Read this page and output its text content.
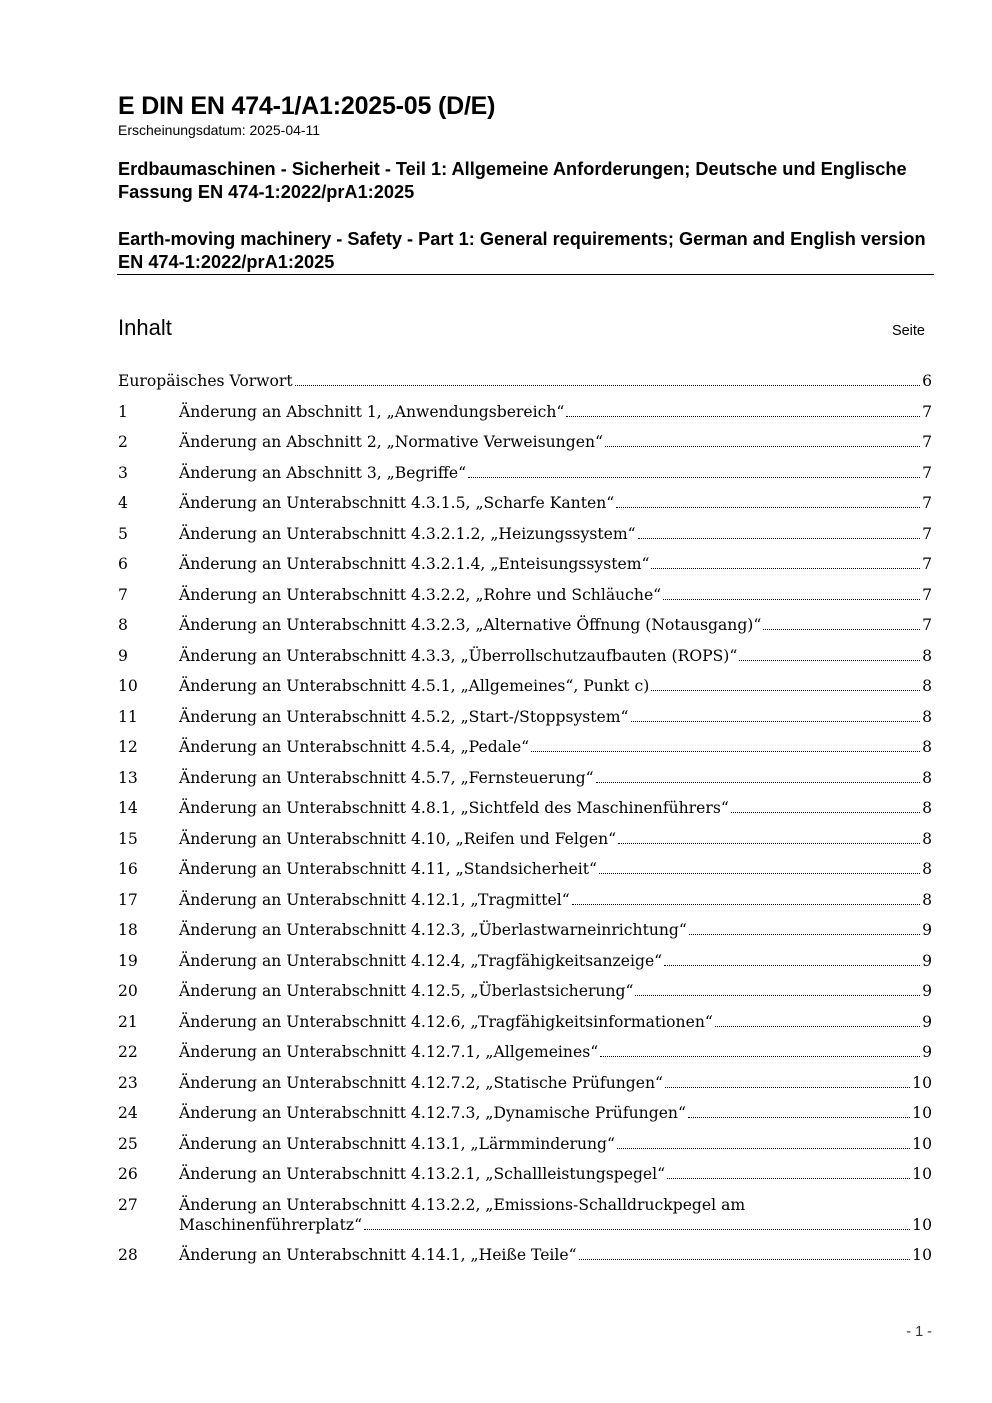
E DIN EN 474-1/A1:2025-05 (D/E)
Erscheinungsdatum: 2025-04-11
Erdbaumaschinen - Sicherheit - Teil 1: Allgemeine Anforderungen; Deutsche und Englische Fassung EN 474-1:2022/prA1:2025
Earth-moving machinery - Safety - Part 1: General requirements; German and English version EN 474-1:2022/prA1:2025
Inhalt	Seite
Europäisches Vorwort	6
1	Änderung an Abschnitt 1, „Anwendungsbereich“	7
2	Änderung an Abschnitt 2, „Normative Verweisungen“	7
3	Änderung an Abschnitt 3, „Begriffe“	7
4	Änderung an Unterabschnitt 4.3.1.5, „Scharfe Kanten“	7
5	Änderung an Unterabschnitt 4.3.2.1.2, „Heizungssystem“	7
6	Änderung an Unterabschnitt 4.3.2.1.4, „Enteisungssystem“	7
7	Änderung an Unterabschnitt 4.3.2.2, „Rohre und Schläuche“	7
8	Änderung an Unterabschnitt 4.3.2.3, „Alternative Öffnung (Notausgang)“	7
9	Änderung an Unterabschnitt 4.3.3, „Überrollschutzaufbauten (ROPS)“	8
10	Änderung an Unterabschnitt 4.5.1, „Allgemeines“, Punkt c)	8
11	Änderung an Unterabschnitt 4.5.2, „Start-/Stoppsystem“	8
12	Änderung an Unterabschnitt 4.5.4, „Pedale“	8
13	Änderung an Unterabschnitt 4.5.7, „Fernsteuerung“	8
14	Änderung an Unterabschnitt 4.8.1, „Sichtfeld des Maschinenführers“	8
15	Änderung an Unterabschnitt 4.10, „Reifen und Felgen“	8
16	Änderung an Unterabschnitt 4.11, „Standsicherheit“	8
17	Änderung an Unterabschnitt 4.12.1, „Tragmittel“	8
18	Änderung an Unterabschnitt 4.12.3, „Überlastwarneinrichtung“	9
19	Änderung an Unterabschnitt 4.12.4, „Tragfähigkeitsanzeige“	9
20	Änderung an Unterabschnitt 4.12.5, „Überlastsicherung“	9
21	Änderung an Unterabschnitt 4.12.6, „Tragfähigkeitsinformationen“	9
22	Änderung an Unterabschnitt 4.12.7.1, „Allgemeines“	9
23	Änderung an Unterabschnitt 4.12.7.2, „Statische Prüfungen“	10
24	Änderung an Unterabschnitt 4.12.7.3, „Dynamische Prüfungen“	10
25	Änderung an Unterabschnitt 4.13.1, „Lärmminderung“	10
26	Änderung an Unterabschnitt 4.13.2.1, „Schallleistungspegel“	10
27	Änderung an Unterabschnitt 4.13.2.2, „Emissions-Schalldruckpegel am
Maschinenführerplatz“	10
28	Änderung an Unterabschnitt 4.14.1, „Heiße Teile“	10
- 1 -
